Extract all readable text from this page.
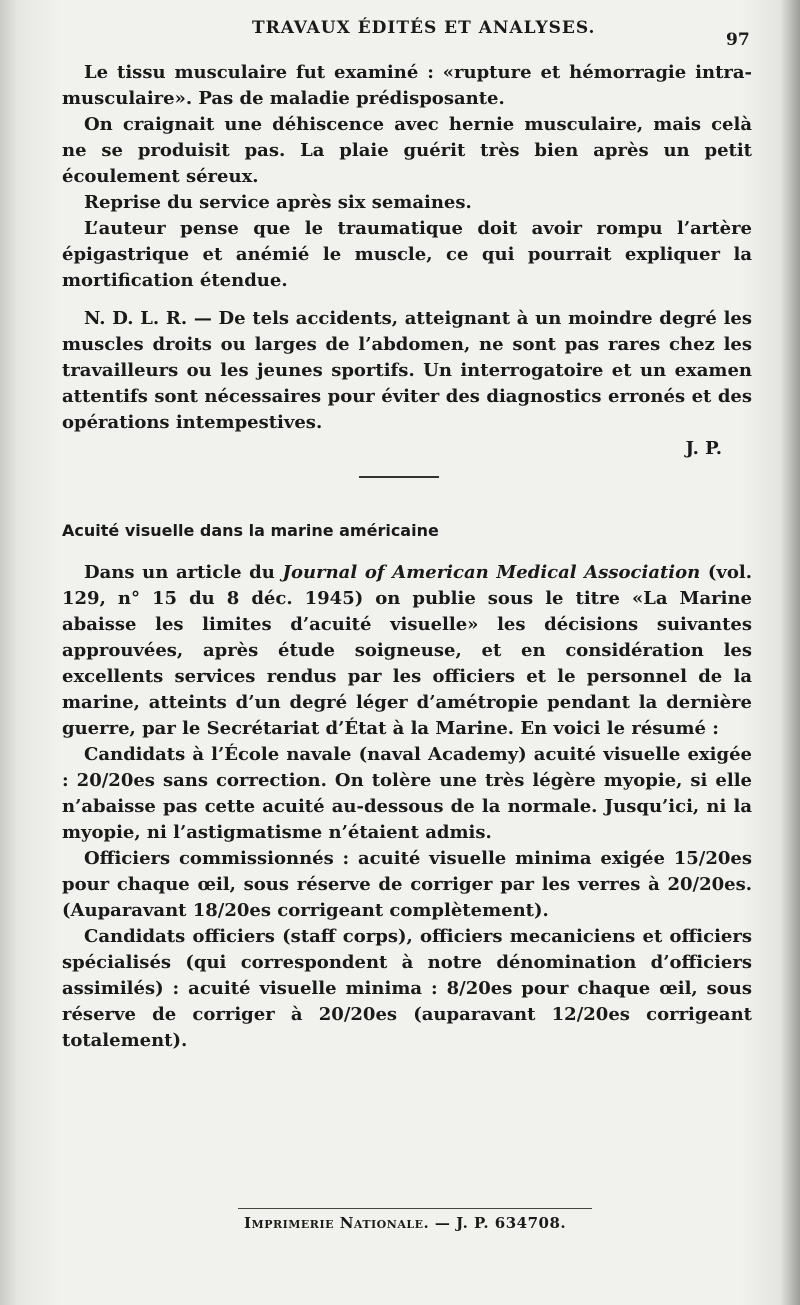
TRAVAUX ÉDITÉS ET ANALYSES.
97

Le tissu musculaire fut examiné : «rupture et hémorragie intra-musculaire». Pas de maladie prédisposante.

On craignait une déhiscence avec hernie musculaire, mais celà ne se produisit pas. La plaie guérit très bien après un petit écoulement séreux.

Reprise du service après six semaines.

L’auteur pense que le traumatique doit avoir rompu l’artère épigastrique et anémié le muscle, ce qui pourrait expliquer la mortification étendue.

N. D. L. R. — De tels accidents, atteignant à un moindre degré les muscles droits ou larges de l’abdomen, ne sont pas rares chez les travailleurs ou les jeunes sportifs. Un interrogatoire et un examen attentifs sont nécessaires pour éviter des diagnostics erronés et des opérations intempestives.

J. P.

Acuité visuelle dans la marine américaine

Dans un article du Journal of American Medical Association (vol. 129, n° 15 du 8 déc. 1945) on publie sous le titre «La Marine abaisse les limites d’acuité visuelle» les décisions suivantes approuvées, après étude soigneuse, et en considération les excellents services rendus par les officiers et le personnel de la marine, atteints d’un degré léger d’amétropie pendant la dernière guerre, par le Secrétariat d’État à la Marine. En voici le résumé :

Candidats à l’École navale (naval Academy) acuité visuelle exigée : 20/20es sans correction. On tolère une très légère myopie, si elle n’abaisse pas cette acuité au-dessous de la normale. Jusqu’ici, ni la myopie, ni l’astigmatisme n’étaient admis.

Officiers commissionnés : acuité visuelle minima exigée 15/20es pour chaque œil, sous réserve de corriger par les verres à 20/20es. (Auparavant 18/20es corrigeant complètement).

Candidats officiers (staff corps), officiers mecaniciens et officiers spécialisés (qui correspondent à notre dénomination d’officiers assimilés) : acuité visuelle minima : 8/20es pour chaque œil, sous réserve de corriger à 20/20es (auparavant 12/20es corrigeant totalement).

Imprimerie Nationale. — J. P. 634708.
